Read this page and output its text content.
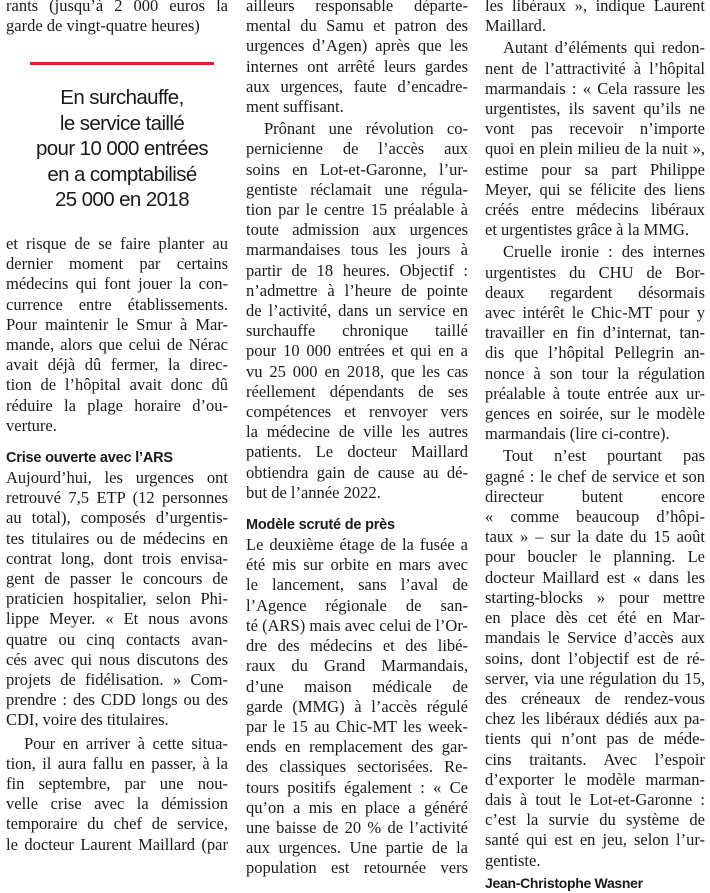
rants (jusqu’à 2 000 euros la
garde de vingt-quatre heures)
En surchauffe,
le service taillé
pour 10 000 entrées
en a comptabilisé
25 000 en 2018
et risque de se faire planter au
dernier moment par certains
médecins qui font jouer la con-
currence entre établissements.
Pour maintenir le Smur à Mar-
mande, alors que celui de Nérac
avait déjà dû fermer, la direc-
tion de l’hôpital avait donc dû
réduire la plage horaire d’ou-
verture.
Crise ouverte avec l’ARS
Aujourd’hui, les urgences ont
retrouvé 7,5 ETP (12 personnes
au total), composés d’urgentis-
tes titulaires ou de médecins en
contrat long, dont trois envisa-
gent de passer le concours de
praticien hospitalier, selon Phi-
lippe Meyer. « Et nous avons
quatre ou cinq contacts avan-
cés avec qui nous discutons des
projets de fidélisation. » Com-
prendre : des CDD longs ou des
CDI, voire des titulaires.
Pour en arriver à cette situa-
tion, il aura fallu en passer, à la
fin septembre, par une nou-
velle crise avec la démission
temporaire du chef de service,
le docteur Laurent Maillard (par
ailleurs responsable départe-
mental du Samu et patron des
urgences d’Agen) après que les
internes ont arrêté leurs gardes
aux urgences, faute d’encadre-
ment suffisant.
Prônant une révolution co-
pernicienne de l’accès aux
soins en Lot-et-Garonne, l’ur-
gentiste réclamait une régula-
tion par le centre 15 préalable à
toute admission aux urgences
marmandaises tous les jours à
partir de 18 heures. Objectif :
n’admettre à l’heure de pointe
de l’activité, dans un service en
surchauffe chronique taillé
pour 10 000 entrées et qui en a
vu 25 000 en 2018, que les cas
réellement dépendants de ses
compétences et renvoyer vers
la médecine de ville les autres
patients. Le docteur Maillard
obtiendra gain de cause au dé-
but de l’année 2022.
Modèle scruté de près
Le deuxième étage de la fusée a
été mis sur orbite en mars avec
le lancement, sans l’aval de
l’Agence régionale de san-
té (ARS) mais avec celui de l’Or-
dre des médecins et des libé-
raux du Grand Marmandais,
d’une maison médicale de
garde (MMG) à l’accès régulé
par le 15 au Chic-MT les week-
ends en remplacement des gar-
des classiques sectorisées. Re-
tours positifs également : « Ce
qu’on a mis en place a généré
une baisse de 20 % de l’activité
aux urgences. Une partie de la
population est retournée vers
les libéraux », indique Laurent
Maillard.
Autant d’éléments qui redon-
nent de l’attractivité à l’hôpital
marmandais : « Cela rassure les
urgentistes, ils savent qu’ils ne
vont pas recevoir n’importe
quoi en plein milieu de la nuit »,
estime pour sa part Philippe
Meyer, qui se félicite des liens
créés entre médecins libéraux
et urgentistes grâce à la MMG.
Cruelle ironie : des internes
urgentistes du CHU de Bor-
deaux regardent désormais
avec intérêt le Chic-MT pour y
travailler en fin d’internat, tan-
dis que l’hôpital Pellegrin an-
nonce à son tour la régulation
préalable à toute entrée aux ur-
gences en soirée, sur le modèle
marmandais (lire ci-contre).
Tout n’est pourtant pas
gagné : le chef de service et son
directeur butent encore
« comme beaucoup d’hôpi-
taux » – sur la date du 15 août
pour boucler le planning. Le
docteur Maillard est « dans les
starting-blocks » pour mettre
en place dès cet été en Mar-
mandais le Service d’accès aux
soins, dont l’objectif est de ré-
server, via une régulation du 15,
des créneaux de rendez-vous
chez les libéraux dédiés aux pa-
tients qui n’ont pas de méde-
cins traitants. Avec l’espoir
d’exporter le modèle marman-
dais à tout le Lot-et-Garonne :
c’est la survie du système de
santé qui est en jeu, selon l’ur-
gentiste.
Jean-Christophe Wasner
